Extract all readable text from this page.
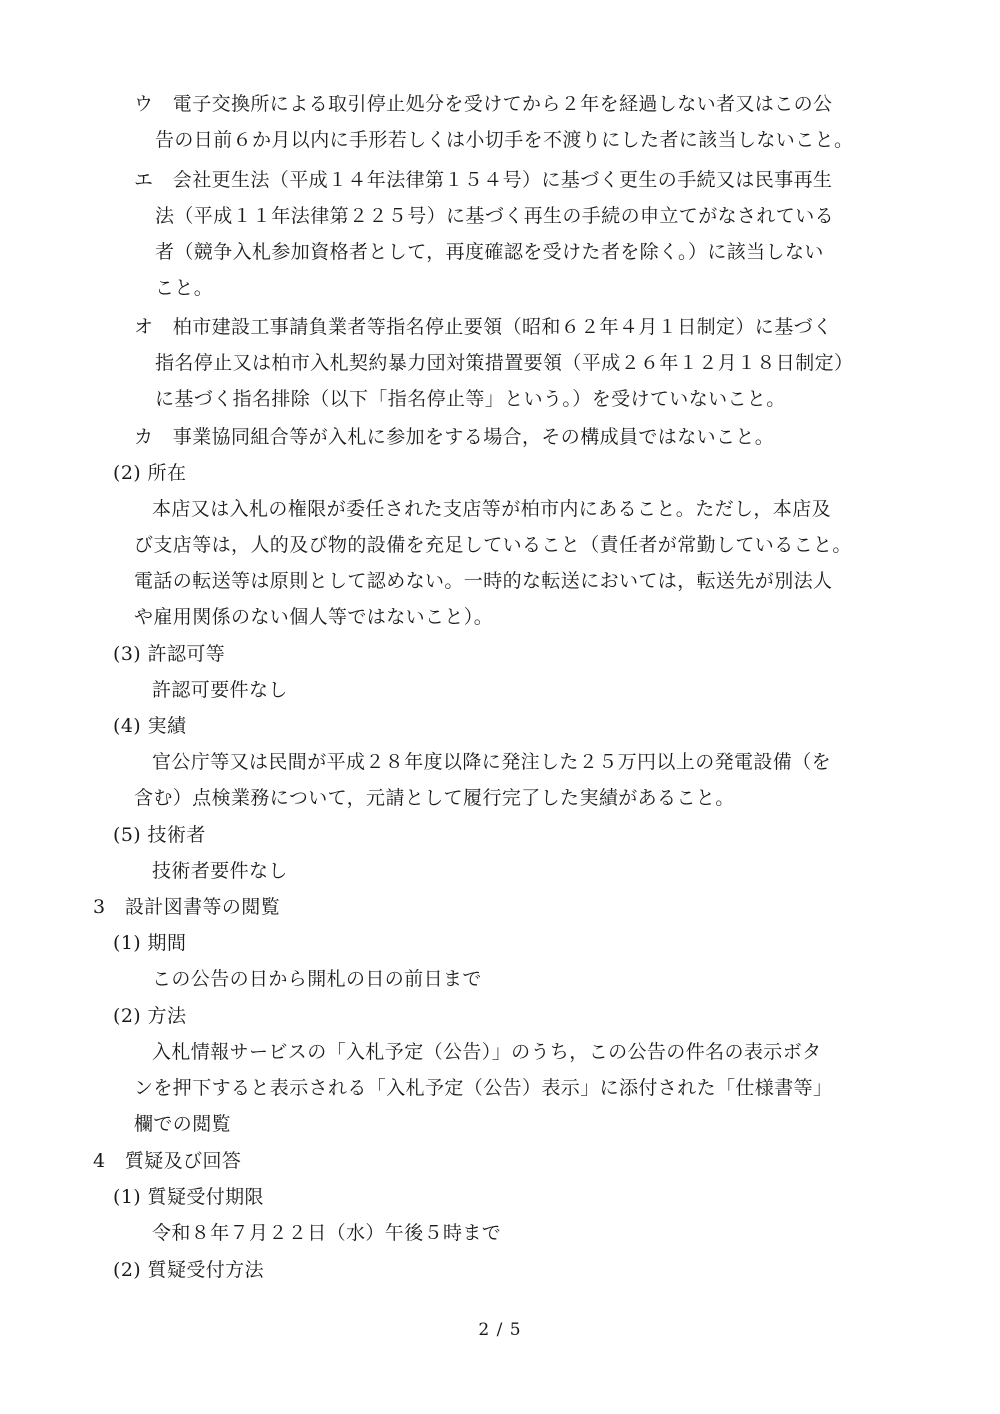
ウ　電子交換所による取引停止処分を受けてから２年を経過しない者又はこの公
告の日前６か月以内に手形若しくは小切手を不渡りにした者に該当しないこと。
エ　会社更生法（平成１４年法律第１５４号）に基づく更生の手続又は民事再生
法（平成１１年法律第２２５号）に基づく再生の手続の申立てがなされている
者（競争入札参加資格者として，再度確認を受けた者を除く。）に該当しない
こと。
オ　柏市建設工事請負業者等指名停止要領（昭和６２年４月１日制定）に基づく
指名停止又は柏市入札契約暴力団対策措置要領（平成２６年１２月１８日制定）
に基づく指名排除（以下「指名停止等」という。）を受けていないこと。
カ　事業協同組合等が入札に参加をする場合，その構成員ではないこと。
(2) 所在
本店又は入札の権限が委任された支店等が柏市内にあること。ただし，本店及
び支店等は，人的及び物的設備を充足していること（責任者が常勤していること。
電話の転送等は原則として認めない。一時的な転送においては，転送先が別法人
や雇用関係のない個人等ではないこと）。
(3) 許認可等
許認可要件なし
(4) 実績
官公庁等又は民間が平成２８年度以降に発注した２５万円以上の発電設備（を
含む）点検業務について，元請として履行完了した実績があること。
(5) 技術者
技術者要件なし
3　設計図書等の閲覧
(1) 期間
この公告の日から開札の日の前日まで
(2) 方法
入札情報サービスの「入札予定（公告）」のうち，この公告の件名の表示ボタ
ンを押下すると表示される「入札予定（公告）表示」に添付された「仕様書等」
欄での閲覧
4　質疑及び回答
(1) 質疑受付期限
令和８年７月２２日（水）午後５時まで
(2) 質疑受付方法
2 / 5
